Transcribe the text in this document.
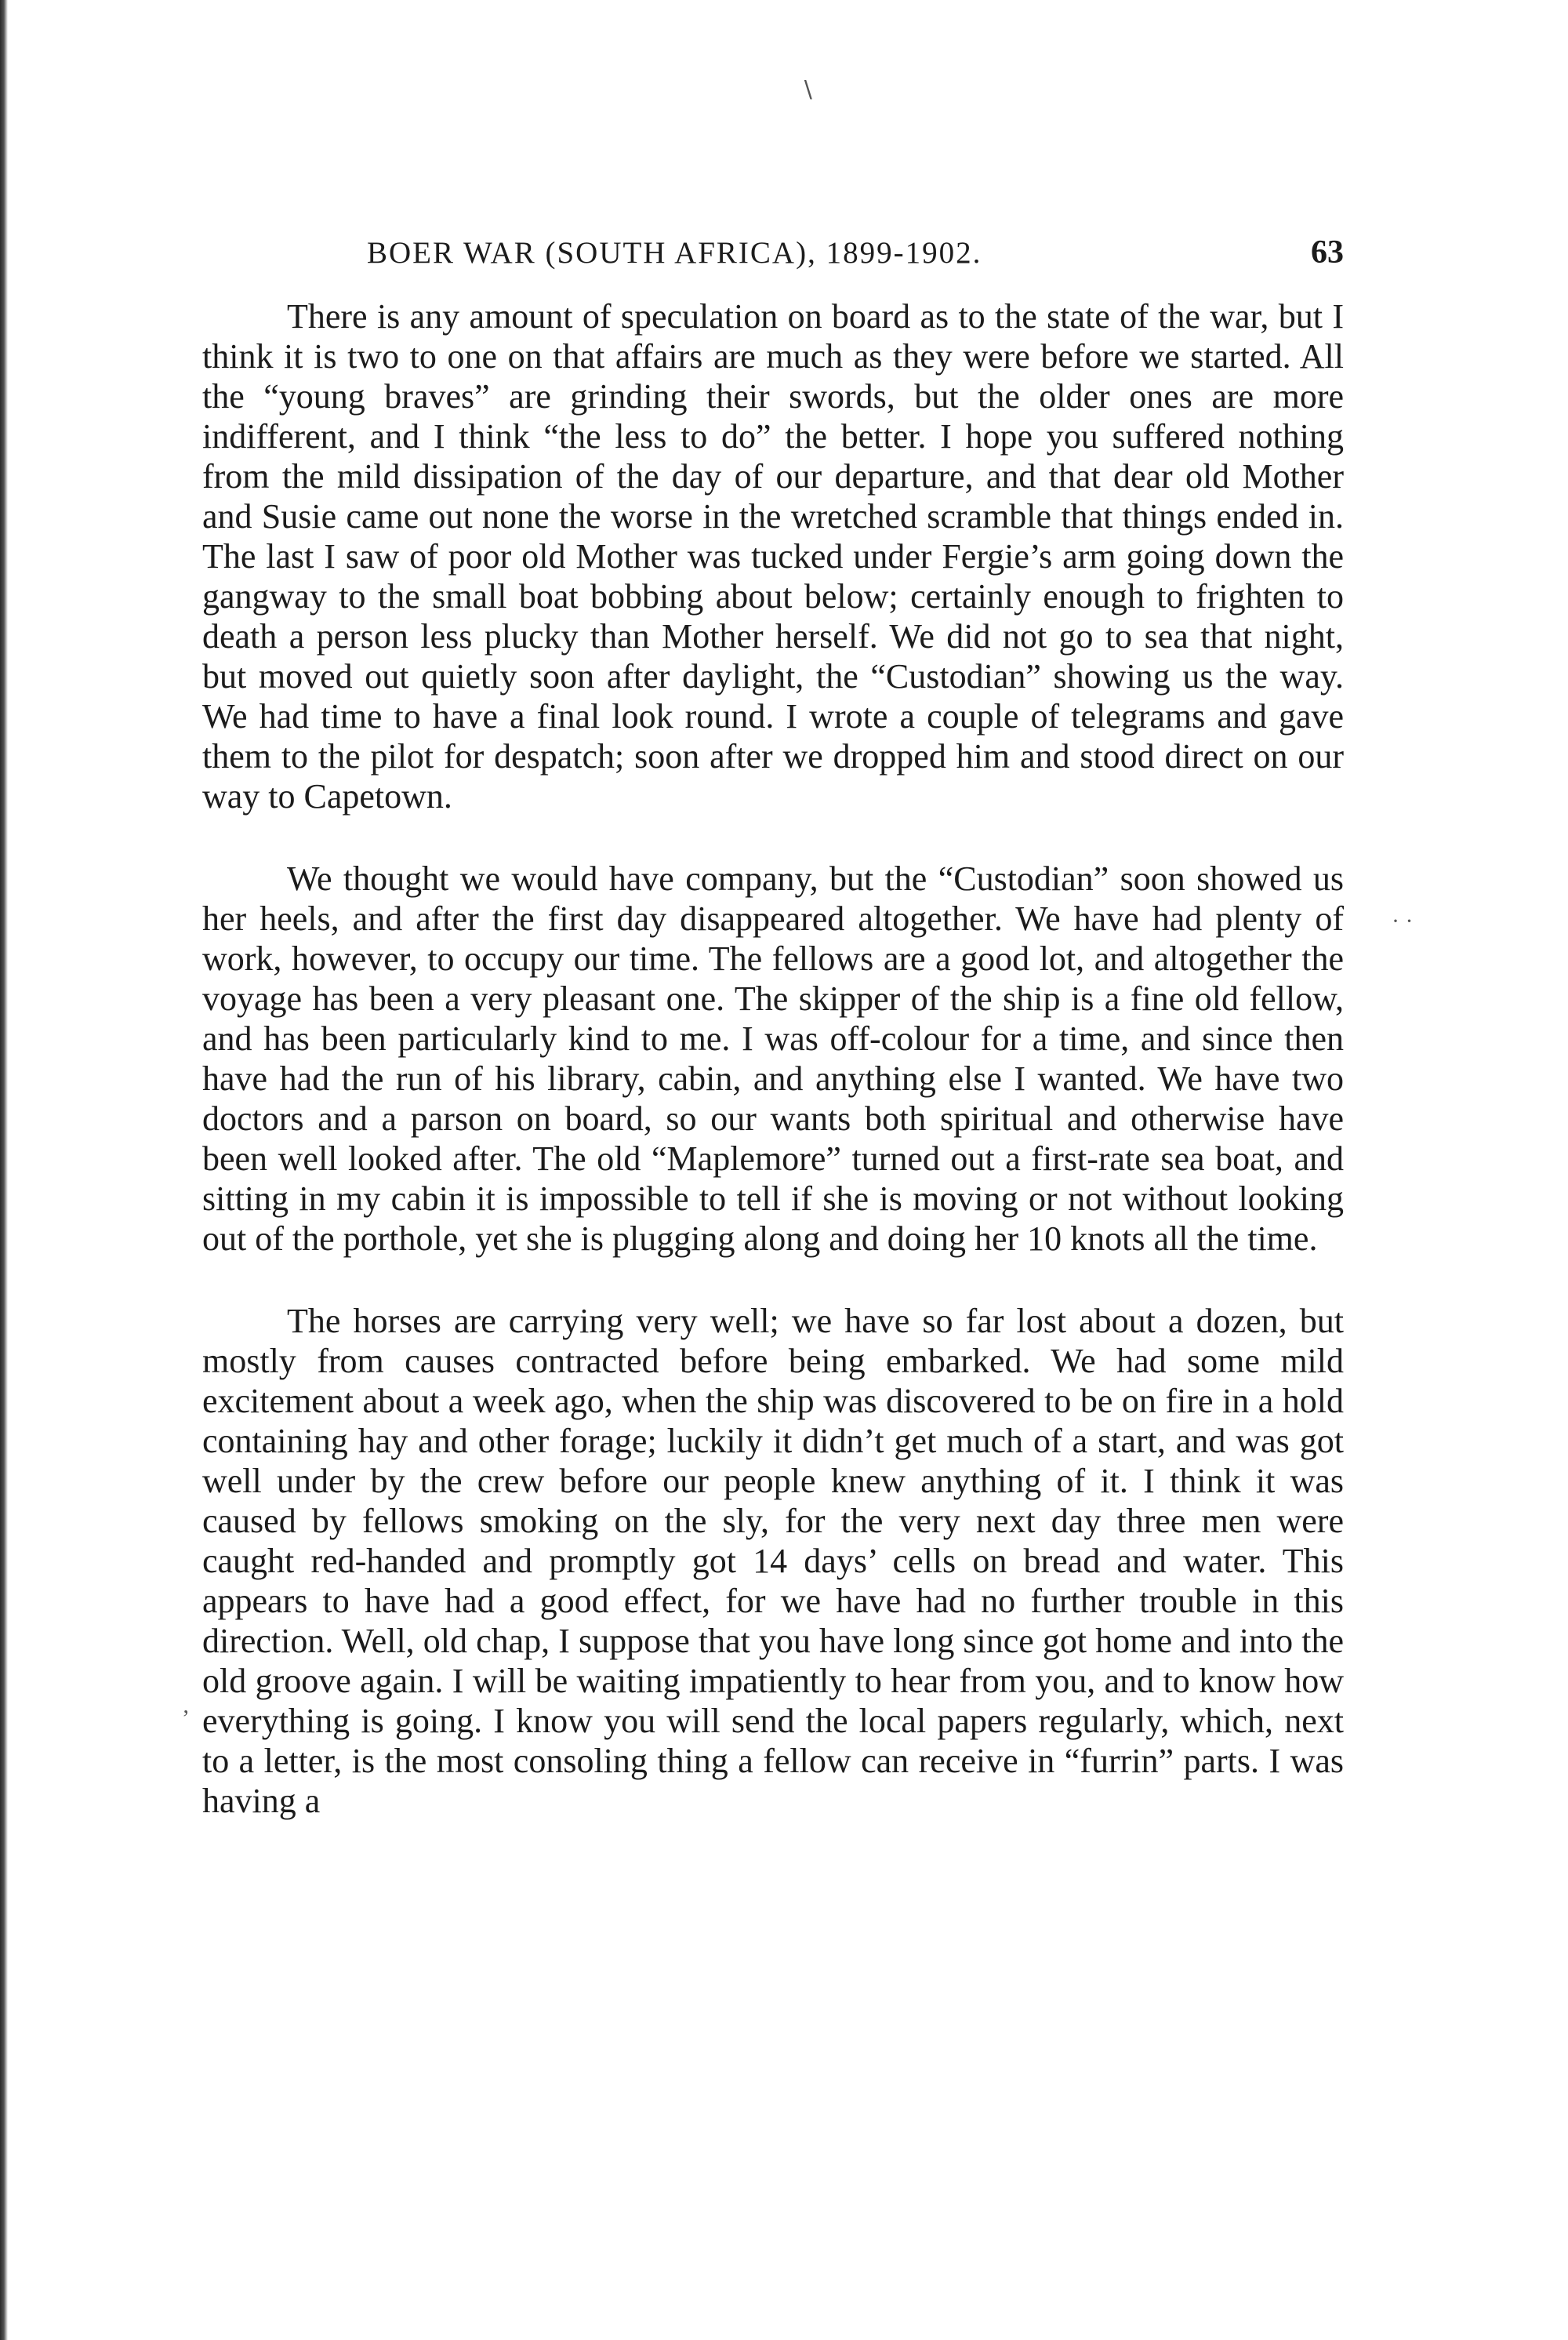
∖
· ·
‚
BOER WAR (SOUTH AFRICA), 1899-1902.	63

There is any amount of speculation on board as to the state of the war, but I think it is two to one on that affairs are much as they were before we started. All the “young braves” are grinding their swords, but the older ones are more indifferent, and I think “the less to do” the better. I hope you suffered nothing from the mild dissipation of the day of our departure, and that dear old Mother and Susie came out none the worse in the wretched scramble that things ended in. The last I saw of poor old Mother was tucked under Fergie’s arm going down the gangway to the small boat bobbing about below; certainly enough to frighten to death a person less plucky than Mother herself. We did not go to sea that night, but moved out quietly soon after daylight, the “Custodian” showing us the way. We had time to have a final look round. I wrote a couple of telegrams and gave them to the pilot for despatch; soon after we dropped him and stood direct on our way to Capetown.

We thought we would have company, but the “Custodian” soon showed us her heels, and after the first day disappeared altogether. We have had plenty of work, however, to occupy our time. The fellows are a good lot, and altogether the voyage has been a very pleasant one. The skipper of the ship is a fine old fellow, and has been particularly kind to me. I was off-colour for a time, and since then have had the run of his library, cabin, and anything else I wanted. We have two doctors and a parson on board, so our wants both spiritual and otherwise have been well looked after. The old “Maplemore” turned out a first-rate sea boat, and sitting in my cabin it is impossible to tell if she is moving or not without looking out of the porthole, yet she is plugging along and doing her 10 knots all the time.

The horses are carrying very well; we have so far lost about a dozen, but mostly from causes contracted before being embarked. We had some mild excitement about a week ago, when the ship was discovered to be on fire in a hold containing hay and other forage; luckily it didn’t get much of a start, and was got well under by the crew before our people knew anything of it. I think it was caused by fellows smoking on the sly, for the very next day three men were caught red-handed and promptly got 14 days’ cells on bread and water. This appears to have had a good effect, for we have had no further trouble in this direction. Well, old chap, I suppose that you have long since got home and into the old groove again. I will be waiting impatiently to hear from you, and to know how everything is going. I know you will send the local papers regularly, which, next to a letter, is the most consoling thing a fellow can receive in “furrin” parts. I was having a
